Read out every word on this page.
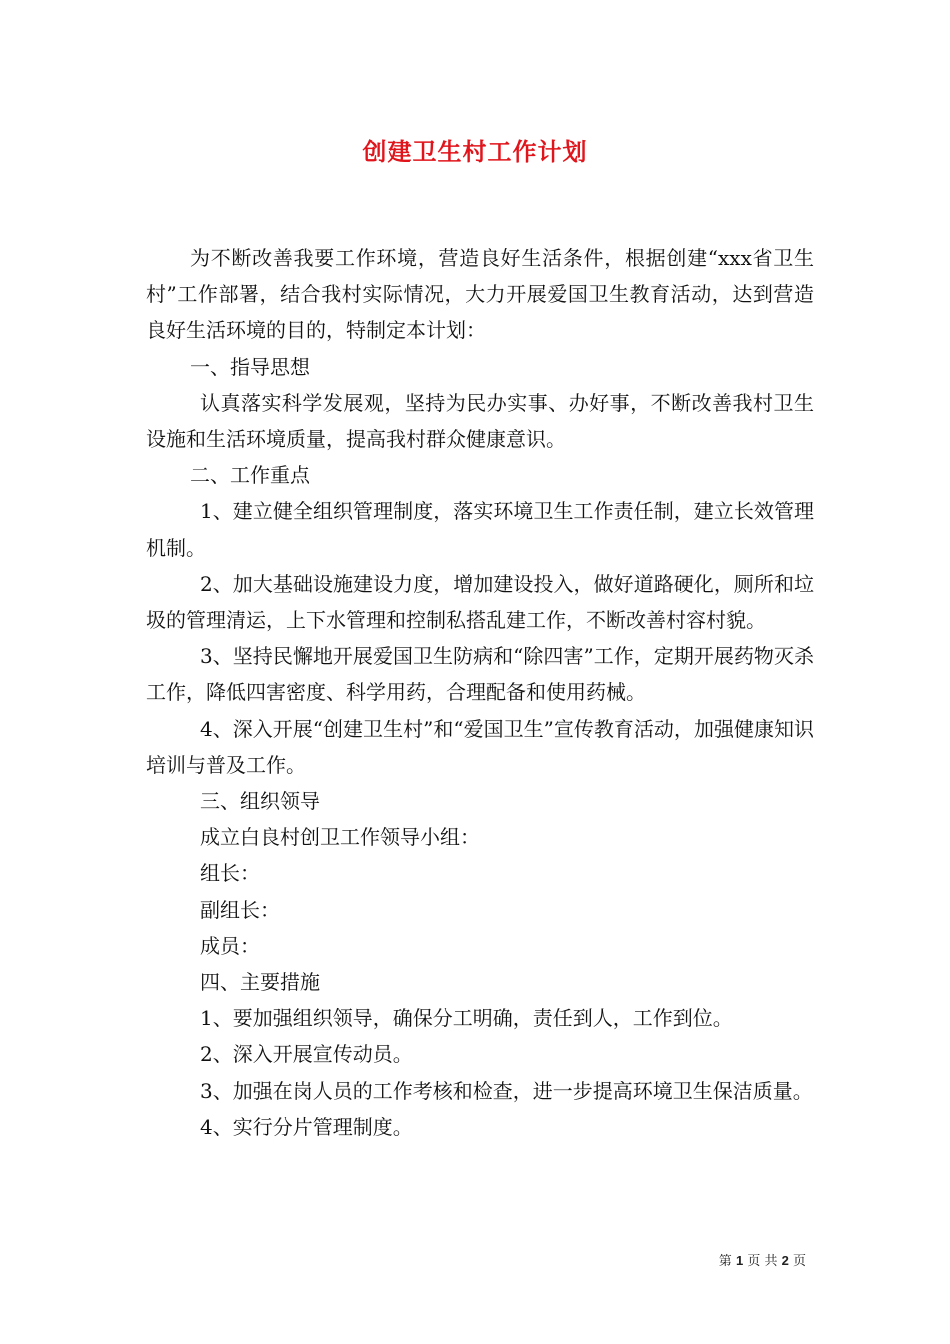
创建卫生村工作计划

为不断改善我要工作环境，营造良好生活条件，根据创建“xxx省卫生村”工作部署，结合我村实际情况，大力开展爱国卫生教育活动，达到营造良好生活环境的目的，特制定本计划：

一、指导思想

认真落实科学发展观，坚持为民办实事、办好事，不断改善我村卫生设施和生活环境质量，提高我村群众健康意识。

二、工作重点

1、建立健全组织管理制度，落实环境卫生工作责任制，建立长效管理机制。

2、加大基础设施建设力度，增加建设投入，做好道路硬化，厕所和垃圾的管理清运，上下水管理和控制私搭乱建工作，不断改善村容村貌。

3、坚持民懈地开展爱国卫生防病和“除四害”工作，定期开展药物灭杀工作，降低四害密度、科学用药，合理配备和使用药械。

4、深入开展“创建卫生村”和“爱国卫生”宣传教育活动，加强健康知识培训与普及工作。

三、组织领导

成立白良村创卫工作领导小组：

组长：

副组长：

成员：

四、主要措施

1、要加强组织领导，确保分工明确，责任到人，工作到位。

2、深入开展宣传动员。

3、加强在岗人员的工作考核和检查，进一步提高环境卫生保洁质量。

4、实行分片管理制度。

第 1 页 共 2 页
